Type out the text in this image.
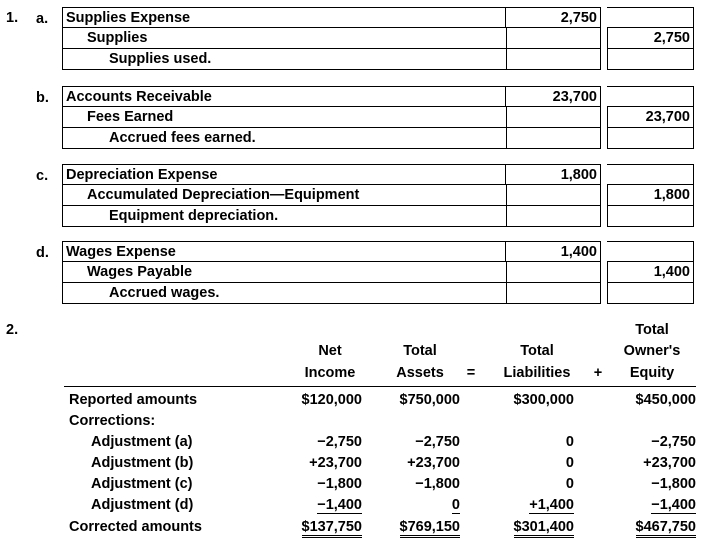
1. a. Supplies Expense	2,750
Supplies	2,750
Supplies used.
b. Accounts Receivable	23,700
Fees Earned	23,700
Accrued fees earned.
c. Depreciation Expense	1,800
Accumulated Depreciation—Equipment	1,800
Equipment depreciation.
d. Wages Expense	1,400
Wages Payable	1,400
Accrued wages.
2.
Net
Income
Total
Assets	=
Total
Liabilities	+
Total
Owner's
Equity
Reported amounts	$120,000	$750,000	$300,000	$450,000
Corrections:
Adjustment (a)	−2,750	−2,750	0	−2,750
Adjustment (b)	+23,700	+23,700	0	+23,700
Adjustment (c)	−1,800	−1,800	0	−1,800
Adjustment (d)	−1,400	0	+1,400	−1,400
Corrected amounts	$137,750	$769,150	$301,400	$467,750
